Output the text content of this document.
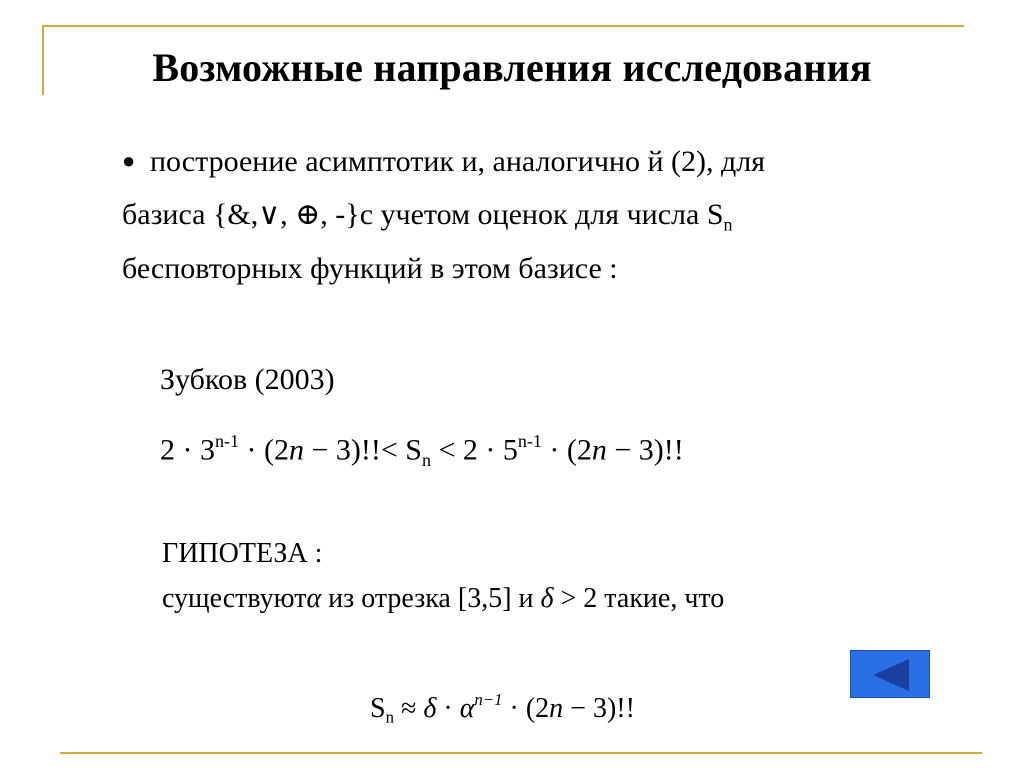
Возможные направления исследования
● построение асимптотик и, аналогично й (2), для
базиса {&,∨, ⊕, -}с учетом оценок для числа $S_n$
бесповторных функций в этом базисе :
Зубков (2003)
$2 \cdot 3^{n-1} \cdot (2n - 3)!!< S_n < 2 \cdot 5^{n-1} \cdot (2n - 3)$!!
ГИПОТЕЗА :
существуютα из отрезка [3,5] и δ > 2 такие, что
$S_n \approx \delta \cdot \alpha^{n-1} \cdot (2n - 3)$!!
